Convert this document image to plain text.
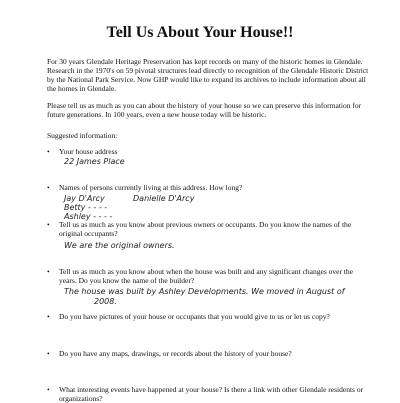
Tell Us About Your House!!
For 30 years Glendale Heritage Preservation has kept records on many of the historic homes in Glendale. Research in the 1970's on 59 pivotal structures lead directly to recognition of the Glendale Historic District by the National Park Service. Now GHP would like to expand its archives to include information about all the homes in Glendale.
Please tell us as much as you can about the history of your house so we can preserve this information for future generations. In 100 years, even a new house today will be historic.
Suggested information:
• Your house address
22 James Place
• Names of persons currently living at this address. How long?
Jay D'Arcy	Danielle D'Arcy
Betty - - - -
Ashley - - - -
• Tell us as much as you know about previous owners or occupants. Do you know the names of the original occupants?
We are the original owners.
• Tell us as much as you know about when the house was built and any significant changes over the years. Do you know the name of the builder?
The house was built by Ashley Developments. We moved in August of
2008.
• Do you have pictures of your house or occupants that you would give to us or let us copy?
• Do you have any maps, drawings, or records about the history of your house?
• What interesting events have happened at your house? Is there a link with other Glendale residents or organizations?
